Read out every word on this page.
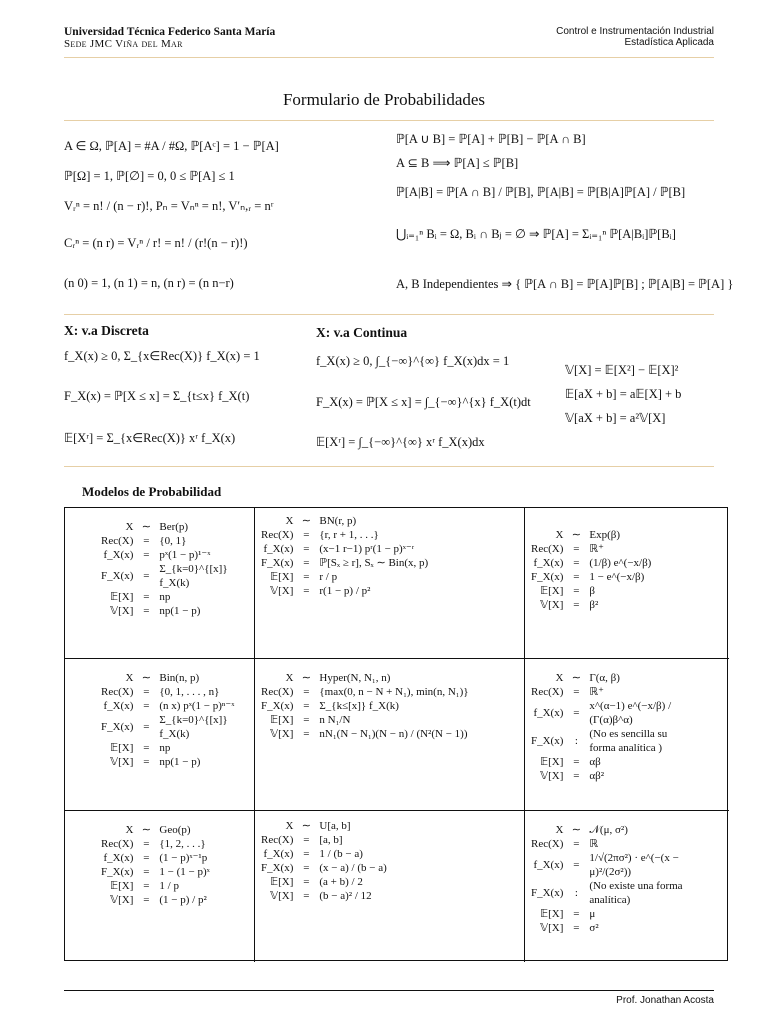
Universidad Técnica Federico Santa María
Sede JMC Viña del Mar
Control e Instrumentación Industrial
Estadística Aplicada
Formulario de Probabilidades
A ∈ Ω, ℙ[A] = #A / #Ω, ℙ[Aᶜ] = 1 − ℙ[A]
ℙ[Ω] = 1, ℙ[∅] = 0, 0 ≤ ℙ[A] ≤ 1
Vᵣⁿ = n! / (n − r)!, Pₙ = Vₙⁿ = n!, V′ₙ,ᵣ = nʳ
Cᵣⁿ = (n r) = Vᵣⁿ / r! = n! / (r!(n − r)!)
(n 0) = 1, (n 1) = n, (n r) = (n n−r)
ℙ[A ∪ B] = ℙ[A] + ℙ[B] − ℙ[A ∩ B]
A ⊆ B ⟹ ℙ[A] ≤ ℙ[B]
ℙ[A|B] = ℙ[A ∩ B] / ℙ[B], ℙ[A|B] = ℙ[B|A]ℙ[A] / ℙ[B]
⋃ᵢ₌₁ⁿ Bᵢ = Ω, Bᵢ ∩ Bⱼ = ∅ ⇒ ℙ[A] = Σᵢ₌₁ⁿ ℙ[A|Bᵢ]ℙ[Bᵢ]
A, B Independientes ⇒ { ℙ[A ∩ B] = ℙ[A]ℙ[B] ; ℙ[A|B] = ℙ[A] }
X: v.a Discreta
f_X(x) ≥ 0, Σ_{x∈Rec(X)} f_X(x) = 1
F_X(x) = ℙ[X ≤ x] = Σ_{t≤x} f_X(t)
𝔼[Xʳ] = Σ_{x∈Rec(X)} xʳ f_X(x)
X: v.a Continua
f_X(x) ≥ 0, ∫_{−∞}^{∞} f_X(x)dx = 1
F_X(x) = ℙ[X ≤ x] = ∫_{−∞}^{x} f_X(t)dt
𝔼[Xʳ] = ∫_{−∞}^{∞} xʳ f_X(x)dx
𝕍[X] = 𝔼[X²] − 𝔼[X]²
𝔼[aX + b] = a𝔼[X] + b
𝕍[aX + b] = a²𝕍[X]
Modelos de Probabilidad
X	∼	Ber(p)
Rec(X)	=	{0, 1}
f_X(x)	=	pˣ(1 − p)¹⁻ˣ
F_X(x)	=	Σ_{k=0}^{[x]} f_X(k)
𝔼[X]	=	np
𝕍[X]	=	np(1 − p)
X	∼	BN(r, p)
Rec(X)	=	{r, r + 1, . . .}
f_X(x)	=	(x−1 r−1) pʳ(1 − p)ˣ⁻ʳ
F_X(x)	=	ℙ[Sₓ ≥ r], Sₓ ∼ Bin(x, p)
𝔼[X]	=	r / p
𝕍[X]	=	r(1 − p) / p²
X	∼	Exp(β)
Rec(X)	=	ℝ⁺
f_X(x)	=	(1/β) e^(−x/β)
F_X(x)	=	1 − e^(−x/β)
𝔼[X]	=	β
𝕍[X]	=	β²
X	∼	Bin(n, p)
Rec(X)	=	{0, 1, . . . , n}
f_X(x)	=	(n x) pˣ(1 − p)ⁿ⁻ˣ
F_X(x)	=	Σ_{k=0}^{[x]} f_X(k)
𝔼[X]	=	np
𝕍[X]	=	np(1 − p)
X	∼	Hyper(N, N₁, n)
Rec(X)	=	{max(0, n − N + N₁), min(n, N₁)}
F_X(x)	=	Σ_{k≤[x]} f_X(k)
𝔼[X]	=	n N₁/N
𝕍[X]	=	nN₁(N − N₁)(N − n) / (N²(N − 1))
X	∼	Γ(α, β)
Rec(X)	=	ℝ⁺
f_X(x)	=	x^(α−1) e^(−x/β) / (Γ(α)β^α)
F_X(x)	:	(No es sencilla su forma analítica )
𝔼[X]	=	αβ
𝕍[X]	=	αβ²
X	∼	Geo(p)
Rec(X)	=	{1, 2, . . .}
f_X(x)	=	(1 − p)ˣ⁻¹p
F_X(x)	=	1 − (1 − p)ˣ
𝔼[X]	=	1 / p
𝕍[X]	=	(1 − p) / p²
X	∼	U[a, b]
Rec(X)	=	[a, b]
f_X(x)	=	1 / (b − a)
F_X(x)	=	(x − a) / (b − a)
𝔼[X]	=	(a + b) / 2
𝕍[X]	=	(b − a)² / 12
X	∼	𝒩(μ, σ²)
Rec(X)	=	ℝ
f_X(x)	=	1/√(2πσ²) · e^(−(x − μ)²/(2σ²))
F_X(x)	:	(No existe una forma analítica)
𝔼[X]	=	μ
𝕍[X]	=	σ²
Prof. Jonathan Acosta
